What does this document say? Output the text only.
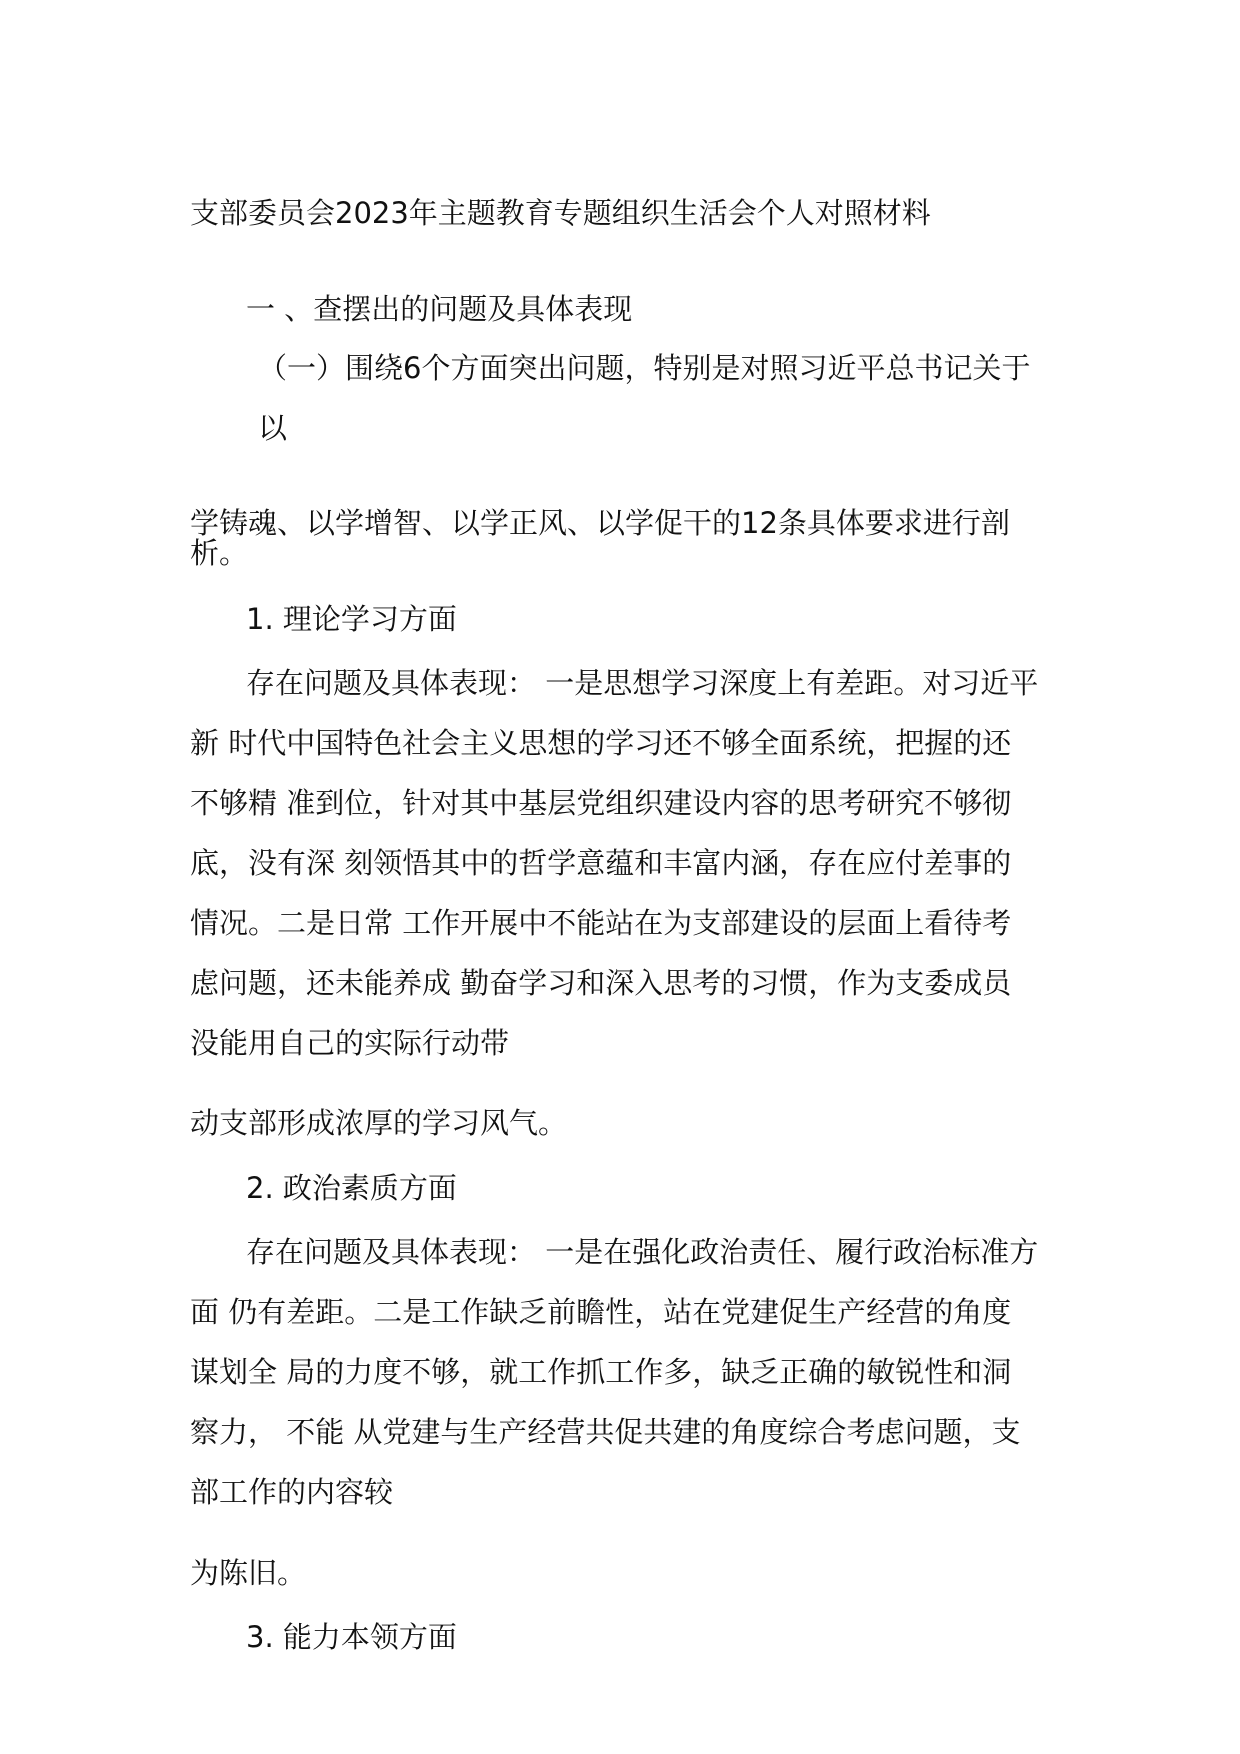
支部委员会2023年主题教育专题组织生活会个人对照材料
一 、查摆出的问题及具体表现
（一）围绕6个方面突出问题，特别是对照习近平总书记关于
以
学铸魂、以学增智、以学正风、以学促干的12条具体要求进行剖
析。
1. 理论学习方面
存在问题及具体表现： 一是思想学习深度上有差距。对习近平
新 时代中国特色社会主义思想的学习还不够全面系统，把握的还
不够精 准到位，针对其中基层党组织建设内容的思考研究不够彻
底，没有深 刻领悟其中的哲学意蕴和丰富内涵，存在应付差事的
情况。二是日常 工作开展中不能站在为支部建设的层面上看待考
虑问题，还未能养成 勤奋学习和深入思考的习惯，作为支委成员
没能用自己的实际行动带
动支部形成浓厚的学习风气。
2. 政治素质方面
存在问题及具体表现： 一是在强化政治责任、履行政治标准方
面 仍有差距。二是工作缺乏前瞻性，站在党建促生产经营的角度
谋划全 局的力度不够，就工作抓工作多，缺乏正确的敏锐性和洞
察力， 不能 从党建与生产经营共促共建的角度综合考虑问题，支
部工作的内容较
为陈旧。
3. 能力本领方面
